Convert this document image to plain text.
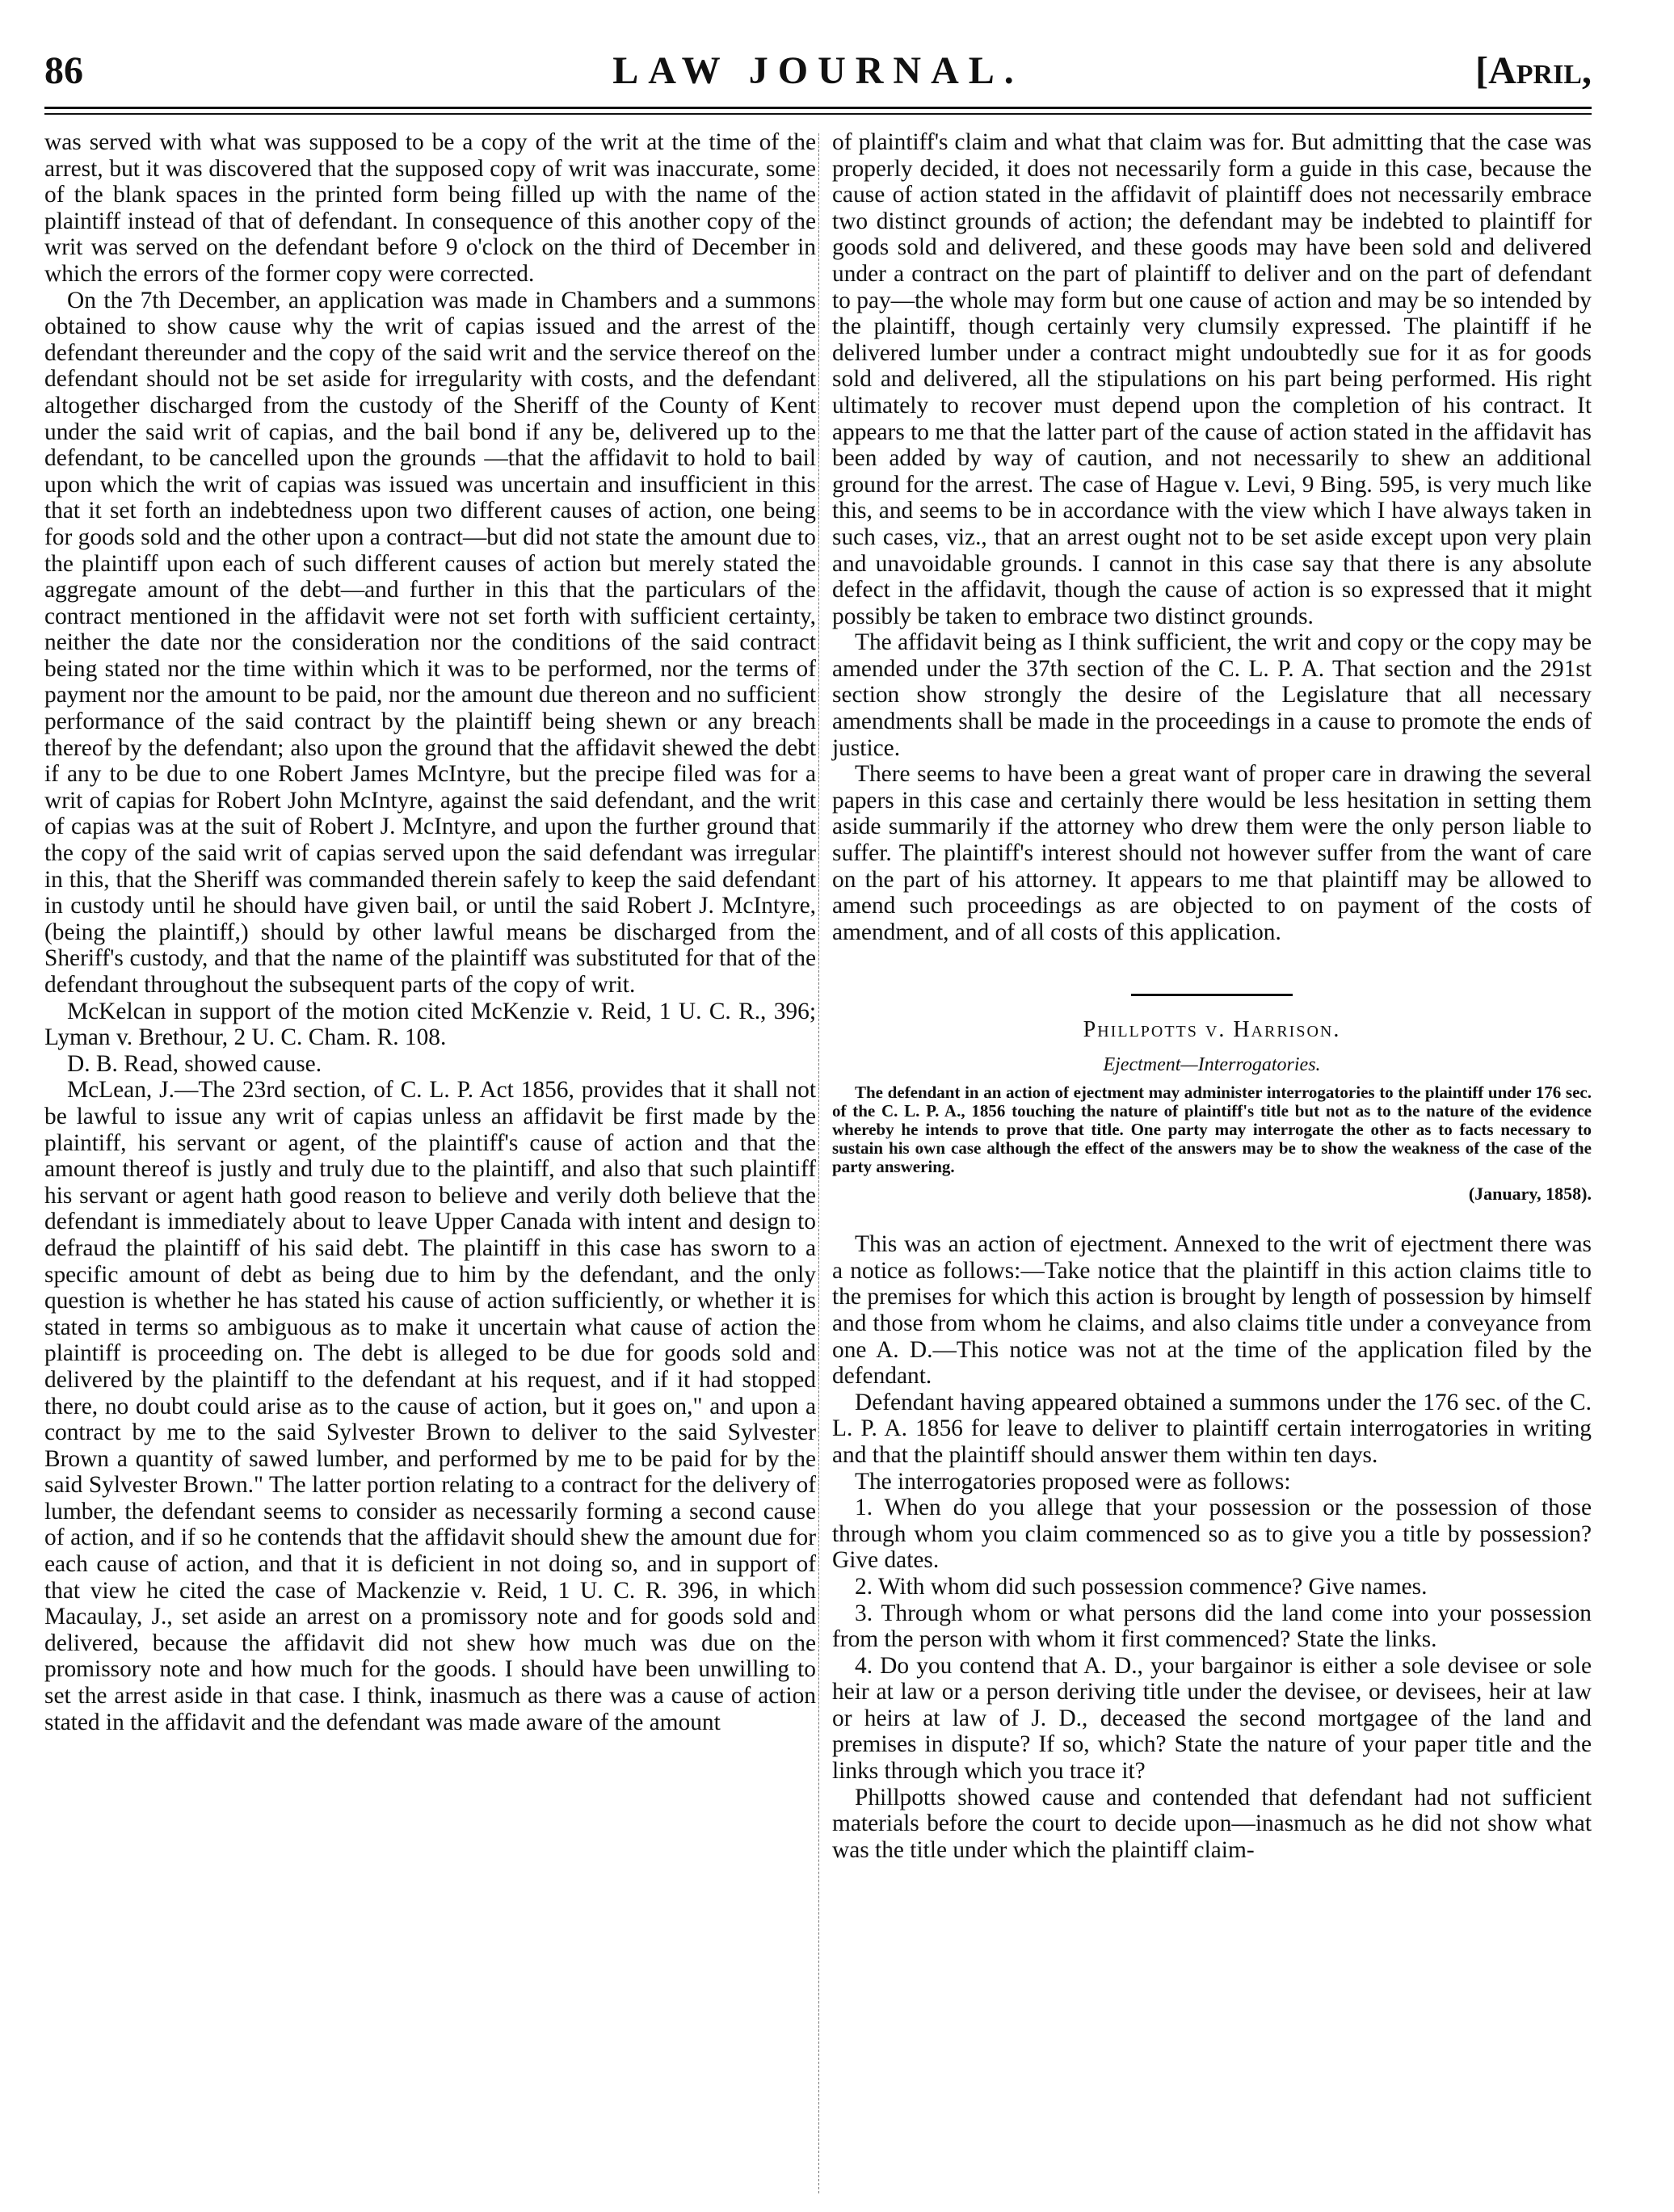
86	LAW JOURNAL.	[April,

was served with what was supposed to be a copy of the writ at the time of the arrest, but it was discovered that the supposed copy of writ was inaccurate, some of the blank spaces in the printed form being filled up with the name of the plaintiff instead of that of defendant. In consequence of this another copy of the writ was served on the defendant before 9 o'clock on the third of December in which the errors of the former copy were corrected.

On the 7th December, an application was made in Chambers and a summons obtained to show cause why the writ of capias issued and the arrest of the defendant thereunder and the copy of the said writ and the service thereof on the defendant should not be set aside for irregularity with costs, and the defendant altogether discharged from the custody of the Sheriff of the County of Kent under the said writ of capias, and the bail bond if any be, delivered up to the defendant, to be cancelled upon the grounds —that the affidavit to hold to bail upon which the writ of capias was issued was uncertain and insufficient in this that it set forth an indebtedness upon two different causes of action, one being for goods sold and the other upon a contract—but did not state the amount due to the plaintiff upon each of such different causes of action but merely stated the aggregate amount of the debt—and further in this that the particulars of the contract mentioned in the affidavit were not set forth with sufficient certainty, neither the date nor the consideration nor the conditions of the said contract being stated nor the time within which it was to be performed, nor the terms of payment nor the amount to be paid, nor the amount due thereon and no sufficient performance of the said contract by the plaintiff being shewn or any breach thereof by the defendant; also upon the ground that the affidavit shewed the debt if any to be due to one Robert James McIntyre, but the precipe filed was for a writ of capias for Robert John McIntyre, against the said defendant, and the writ of capias was at the suit of Robert J. McIntyre, and upon the further ground that the copy of the said writ of capias served upon the said defendant was irregular in this, that the Sheriff was commanded therein safely to keep the said defendant in custody until he should have given bail, or until the said Robert J. McIntyre, (being the plaintiff,) should by other lawful means be discharged from the Sheriff's custody, and that the name of the plaintiff was substituted for that of the defendant throughout the subsequent parts of the copy of writ.

McKelcan in support of the motion cited McKenzie v. Reid, 1 U. C. R., 396; Lyman v. Brethour, 2 U. C. Cham. R. 108.

D. B. Read, showed cause.

McLean, J.—The 23rd section, of C. L. P. Act 1856, provides that it shall not be lawful to issue any writ of capias unless an affidavit be first made by the plaintiff, his servant or agent, of the plaintiff's cause of action and that the amount thereof is justly and truly due to the plaintiff, and also that such plaintiff his servant or agent hath good reason to believe and verily doth believe that the defendant is immediately about to leave Upper Canada with intent and design to defraud the plaintiff of his said debt. The plaintiff in this case has sworn to a specific amount of debt as being due to him by the defendant, and the only question is whether he has stated his cause of action sufficiently, or whether it is stated in terms so ambiguous as to make it uncertain what cause of action the plaintiff is proceeding on. The debt is alleged to be due for goods sold and delivered by the plaintiff to the defendant at his request, and if it had stopped there, no doubt could arise as to the cause of action, but it goes on," and upon a contract by me to the said Sylvester Brown to deliver to the said Sylvester Brown a quantity of sawed lumber, and performed by me to be paid for by the said Sylvester Brown." The latter portion relating to a contract for the delivery of lumber, the defendant seems to consider as necessarily forming a second cause of action, and if so he contends that the affidavit should shew the amount due for each cause of action, and that it is deficient in not doing so, and in support of that view he cited the case of Mackenzie v. Reid, 1 U. C. R. 396, in which Macaulay, J., set aside an arrest on a promissory note and for goods sold and delivered, because the affidavit did not shew how much was due on the promissory note and how much for the goods. I should have been unwilling to set the arrest aside in that case. I think, inasmuch as there was a cause of action stated in the affidavit and the defendant was made aware of the amount

of plaintiff's claim and what that claim was for. But admitting that the case was properly decided, it does not necessarily form a guide in this case, because the cause of action stated in the affidavit of plaintiff does not necessarily embrace two distinct grounds of action; the defendant may be indebted to plaintiff for goods sold and delivered, and these goods may have been sold and delivered under a contract on the part of plaintiff to deliver and on the part of defendant to pay—the whole may form but one cause of action and may be so intended by the plaintiff, though certainly very clumsily expressed. The plaintiff if he delivered lumber under a contract might undoubtedly sue for it as for goods sold and delivered, all the stipulations on his part being performed. His right ultimately to recover must depend upon the completion of his contract. It appears to me that the latter part of the cause of action stated in the affidavit has been added by way of caution, and not necessarily to shew an additional ground for the arrest. The case of Hague v. Levi, 9 Bing. 595, is very much like this, and seems to be in accordance with the view which I have always taken in such cases, viz., that an arrest ought not to be set aside except upon very plain and unavoidable grounds. I cannot in this case say that there is any absolute defect in the affidavit, though the cause of action is so expressed that it might possibly be taken to embrace two distinct grounds.

The affidavit being as I think sufficient, the writ and copy or the copy may be amended under the 37th section of the C. L. P. A. That section and the 291st section show strongly the desire of the Legislature that all necessary amendments shall be made in the proceedings in a cause to promote the ends of justice.

There seems to have been a great want of proper care in drawing the several papers in this case and certainly there would be less hesitation in setting them aside summarily if the attorney who drew them were the only person liable to suffer. The plaintiff's interest should not however suffer from the want of care on the part of his attorney. It appears to me that plaintiff may be allowed to amend such proceedings as are objected to on payment of the costs of amendment, and of all costs of this application.

Phillpotts v. Harrison.
Ejectment—Interrogatories.

The defendant in an action of ejectment may administer interrogatories to the plaintiff under 176 sec. of the C. L. P. A., 1856 touching the nature of plaintiff's title but not as to the nature of the evidence whereby he intends to prove that title. One party may interrogate the other as to facts necessary to sustain his own case although the effect of the answers may be to show the weakness of the case of the party answering.

(January, 1858).

This was an action of ejectment. Annexed to the writ of ejectment there was a notice as follows:—Take notice that the plaintiff in this action claims title to the premises for which this action is brought by length of possession by himself and those from whom he claims, and also claims title under a conveyance from one A. D.—This notice was not at the time of the application filed by the defendant.

Defendant having appeared obtained a summons under the 176 sec. of the C. L. P. A. 1856 for leave to deliver to plaintiff certain interrogatories in writing and that the plaintiff should answer them within ten days.

The interrogatories proposed were as follows:

1. When do you allege that your possession or the possession of those through whom you claim commenced so as to give you a title by possession? Give dates.

2. With whom did such possession commence? Give names.

3. Through whom or what persons did the land come into your possession from the person with whom it first commenced? State the links.

4. Do you contend that A. D., your bargainor is either a sole devisee or sole heir at law or a person deriving title under the devisee, or devisees, heir at law or heirs at law of J. D., deceased the second mortgagee of the land and premises in dispute? If so, which? State the nature of your paper title and the links through which you trace it?

Phillpotts showed cause and contended that defendant had not sufficient materials before the court to decide upon—inasmuch as he did not show what was the title under which the plaintiff claim-
